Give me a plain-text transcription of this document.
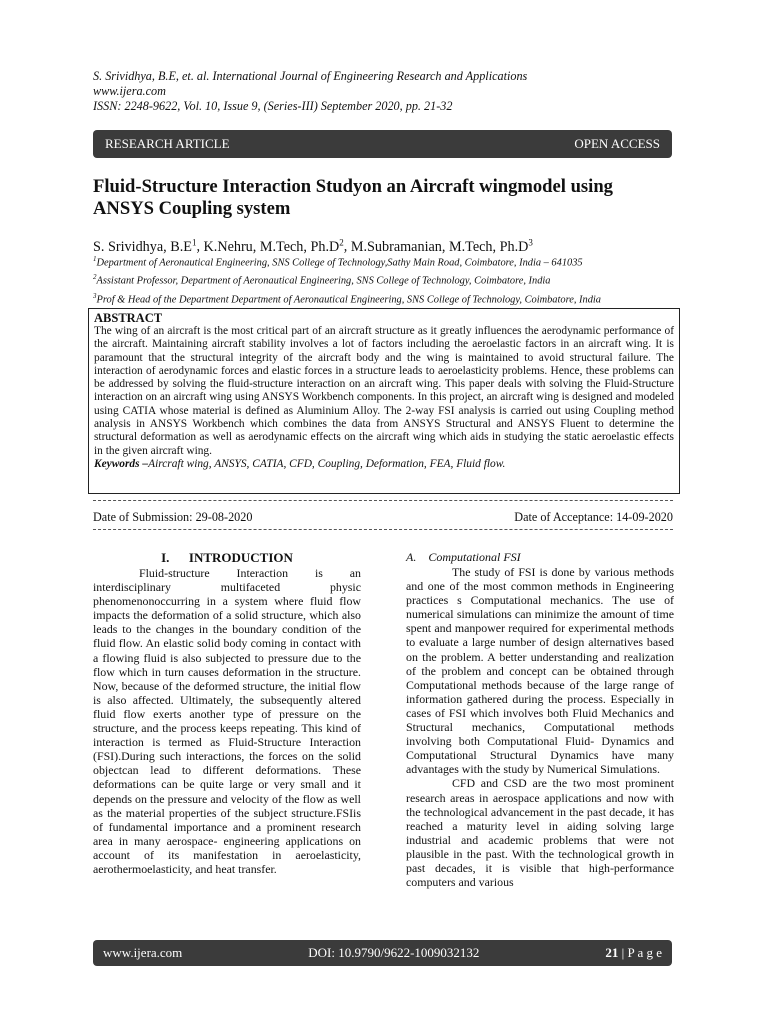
S. Srividhya, B.E, et. al. International Journal of Engineering Research and Applications
www.ijera.com
ISSN: 2248-9622, Vol. 10, Issue 9, (Series-III) September 2020, pp. 21-32
RESEARCH ARTICLE	OPEN ACCESS
Fluid-Structure Interaction Studyon an Aircraft wingmodel using ANSYS Coupling system
S. Srividhya, $B.E^1$, K.Nehru, M.Tech, $Ph.D^2$, M.Subramanian, M.Tech, $Ph.D^3$
$^1$Department of Aeronautical Engineering, SNS College of Technology,Sathy Main Road, Coimbatore, India – 641035
$^2$Assistant Professor, Department of Aeronautical Engineering, SNS College of Technology, Coimbatore, India
$^3$Prof & Head of the Department Department of Aeronautical Engineering, SNS College of Technology, Coimbatore, India
ABSTRACT
The wing of an aircraft is the most critical part of an aircraft structure as it greatly influences the aerodynamic performance of the aircraft. Maintaining aircraft stability involves a lot of factors including the aeroelastic factors in an aircraft wing. It is paramount that the structural integrity of the aircraft body and the wing is maintained to avoid structural failure. The interaction of aerodynamic forces and elastic forces in a structure leads to aeroelasticity problems. Hence, these problems can be addressed by solving the fluid-structure interaction on an aircraft wing. This paper deals with solving the Fluid-Structure interaction on an aircraft wing using ANSYS Workbench components. In this project, an aircraft wing is designed and modeled using CATIA whose material is defined as Aluminium Alloy. The 2-way FSI analysis is carried out using Coupling method analysis in ANSYS Workbench which combines the data from ANSYS Structural and ANSYS Fluent to determine the structural deformation as well as aerodynamic effects on the aircraft wing which aids in studying the static aeroelastic effects in the given aircraft wing.
Keywords –Aircraft wing, ANSYS, CATIA, CFD, Coupling, Deformation, FEA, Fluid flow.
Date of Submission: 29-08-2020	Date of Acceptance: 14-09-2020
I.      INTRODUCTION

Fluid-structure Interaction is an interdisciplinary multifaceted physic phenomenonoccurring in a system where fluid flow impacts the deformation of a solid structure, which also leads to the changes in the boundary condition of the fluid flow. An elastic solid body coming in contact with a flowing fluid is also subjected to pressure due to the flow which in turn causes deformation in the structure. Now, because of the deformed structure, the initial flow is also affected. Ultimately, the subsequently altered fluid flow exerts another type of pressure on the structure, and the process keeps repeating. This kind of interaction is termed as Fluid-Structure Interaction (FSI).During such interactions, the forces on the solid objectcan lead to different deformations. These deformations can be quite large or very small and it depends on the pressure and velocity of the flow as well as the material properties of the subject structure.FSIis of fundamental importance and a prominent research area in many aerospace- engineering applications on account of its manifestation in aeroelasticity, aerothermoelasticity, and heat transfer.

A.    Computational FSI

The study of FSI is done by various methods and one of the most common methods in Engineering practices s Computational mechanics. The use of numerical simulations can minimize the amount of time spent and manpower required for experimental methods to evaluate a large number of design alternatives based on the problem. A better understanding and realization of the problem and concept can be obtained through Computational methods because of the large range of information gathered during the process. Especially in cases of FSI which involves both Fluid Mechanics and Structural mechanics, Computational methods involving both Computational Fluid- Dynamics and Computational Structural Dynamics have many advantages with the study by Numerical Simulations.

CFD and CSD are the two most prominent research areas in aerospace applications and now with the technological advancement in the past decade, it has reached a maturity level in aiding solving large industrial and academic problems that were not plausible in the past. With the technological growth in past decades, it is visible that high-performance computers and various

www.ijera.com	DOI: 10.9790/9622-1009032132	21 | P a g e
